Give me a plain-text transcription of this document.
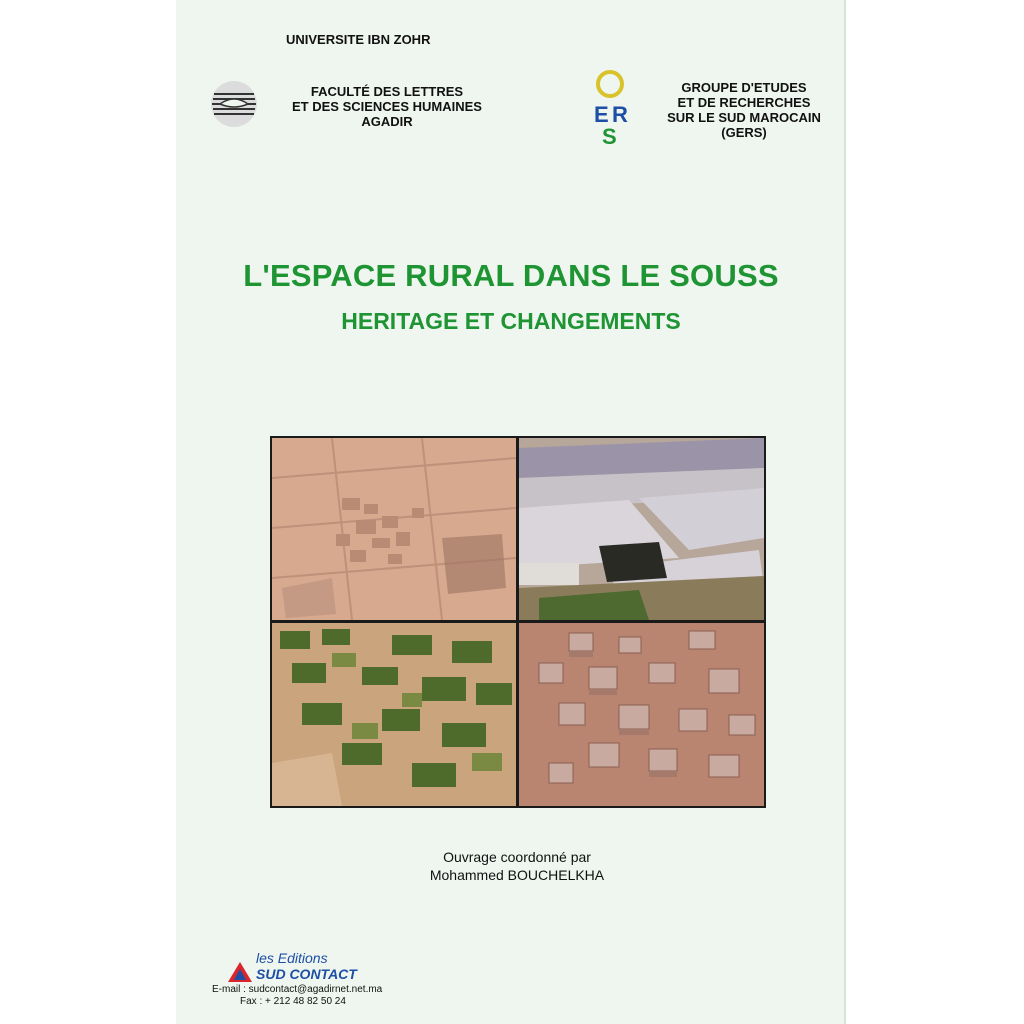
UNIVERSITE IBN ZOHR
FACULTÉ DES LETTRES
ET DES SCIENCES HUMAINES
AGADIR	E R
S
GROUPE D'ETUDES
ET DE RECHERCHES
SUR LE SUD MAROCAIN
(GERS)
L'ESPACE RURAL DANS LE SOUSS
HERITAGE ET CHANGEMENTS
Ouvrage coordonné par
Mohammed BOUCHELKHA
les Editions
SUD CONTACT
E-mail : sudcontact@agadirnet.net.ma
Fax : + 212 48 82 50 24
